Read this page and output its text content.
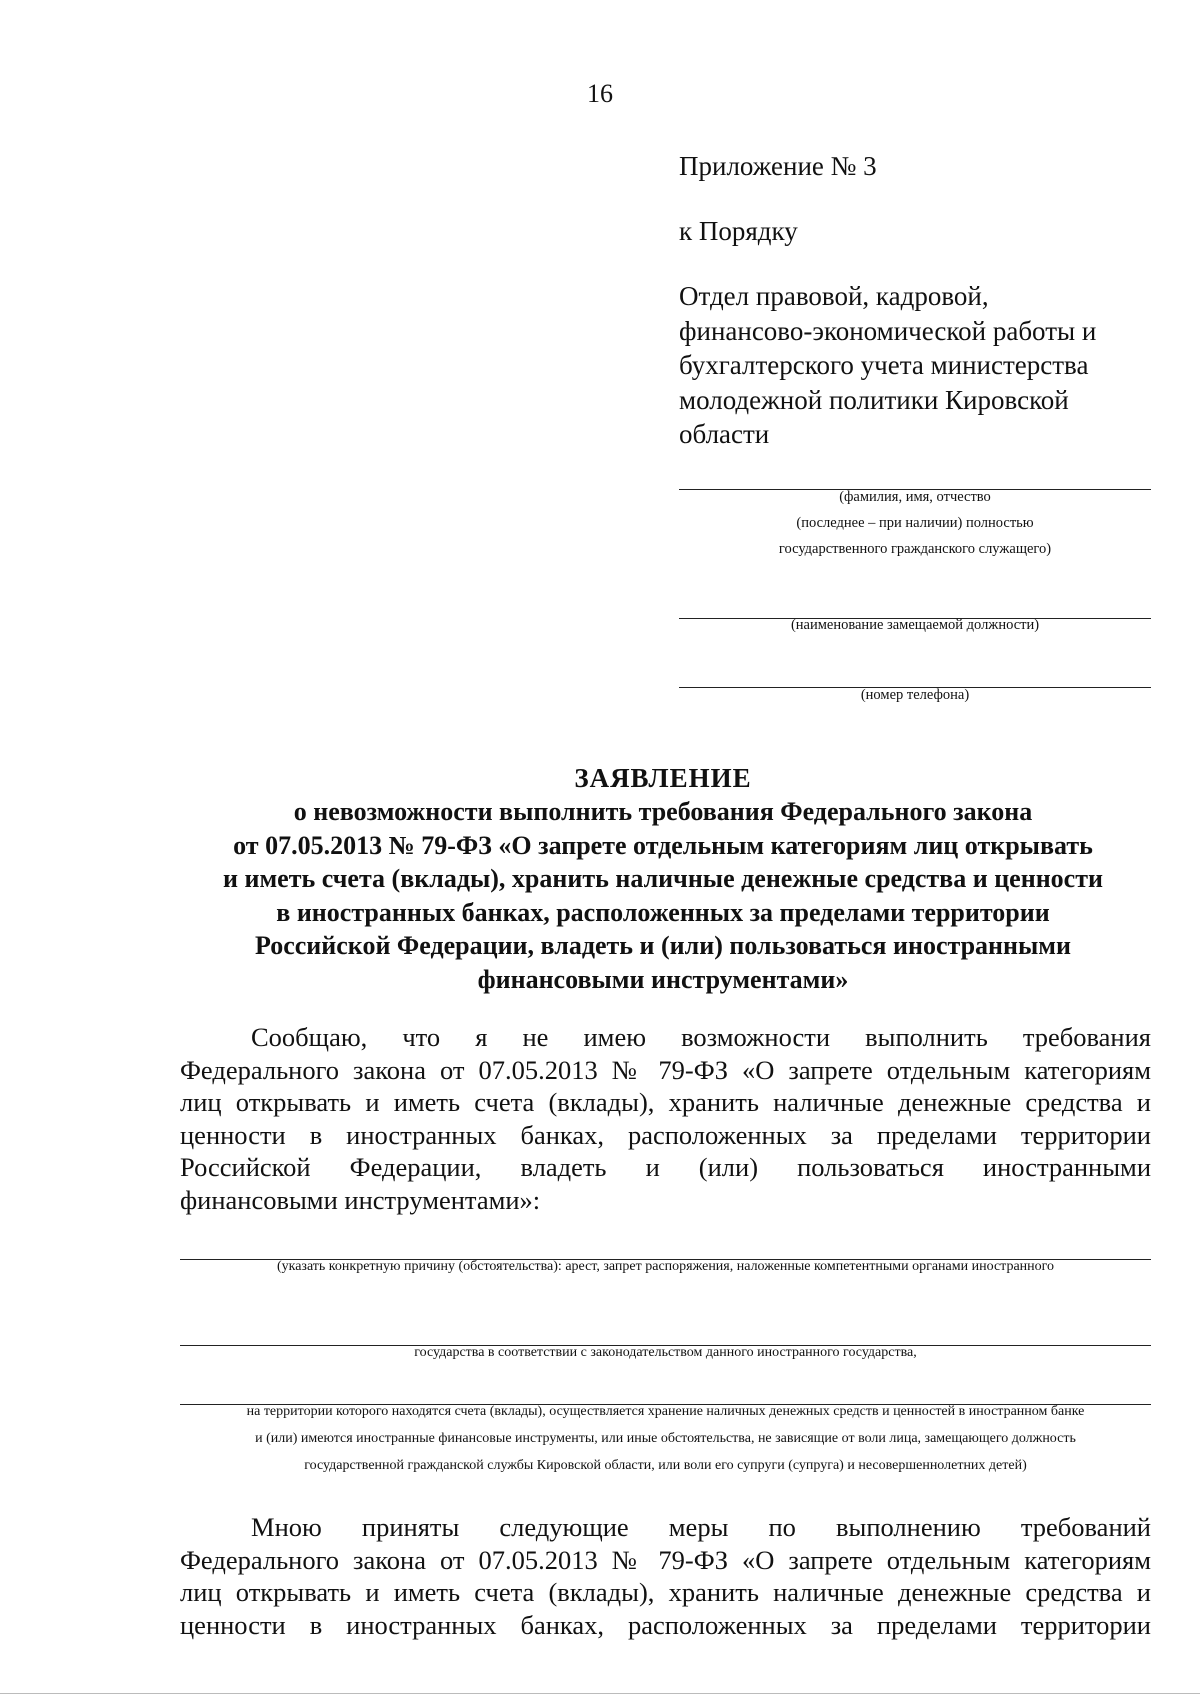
16

Приложение № 3

к Порядку

Отдел правовой, кадровой,
финансово-экономической работы и
бухгалтерского учета министерства
молодежной политики Кировской
области
(фамилия, имя, отчество
(последнее – при наличии) полностью
государственного гражданского служащего)
(наименование замещаемой должности)
(номер телефона)
ЗАЯВЛЕНИЕ
о невозможности выполнить требования Федерального закона
от 07.05.2013 № 79-ФЗ «О запрете отдельным категориям лиц открывать
и иметь счета (вклады), хранить наличные денежные средства и ценности
в иностранных банках, расположенных за пределами территории
Российской Федерации, владеть и (или) пользоваться иностранными
финансовыми инструментами»
Сообщаю, что я не имею возможности выполнить требования
Федерального закона от 07.05.2013 № 79-ФЗ «О запрете отдельным категориям
лиц открывать и иметь счета (вклады), хранить наличные денежные средства и
ценности в иностранных банках, расположенных за пределами территории
Российской Федерации, владеть и (или) пользоваться иностранными
финансовыми инструментами»:
(указать конкретную причину (обстоятельства): арест, запрет распоряжения, наложенные компетентными органами иностранного
государства в соответствии с законодательством данного иностранного государства,
на территории которого находятся счета (вклады), осуществляется хранение наличных денежных средств и ценностей в иностранном банке
и (или) имеются иностранные финансовые инструменты, или иные обстоятельства, не зависящие от воли лица, замещающего должность
государственной гражданской службы Кировской области, или воли его супруги (супруга) и несовершеннолетних детей)
Мною приняты следующие меры по выполнению требований
Федерального закона от 07.05.2013 № 79-ФЗ «О запрете отдельным категориям
лиц открывать и иметь счета (вклады), хранить наличные денежные средства и
ценности в иностранных банках, расположенных за пределами территории
